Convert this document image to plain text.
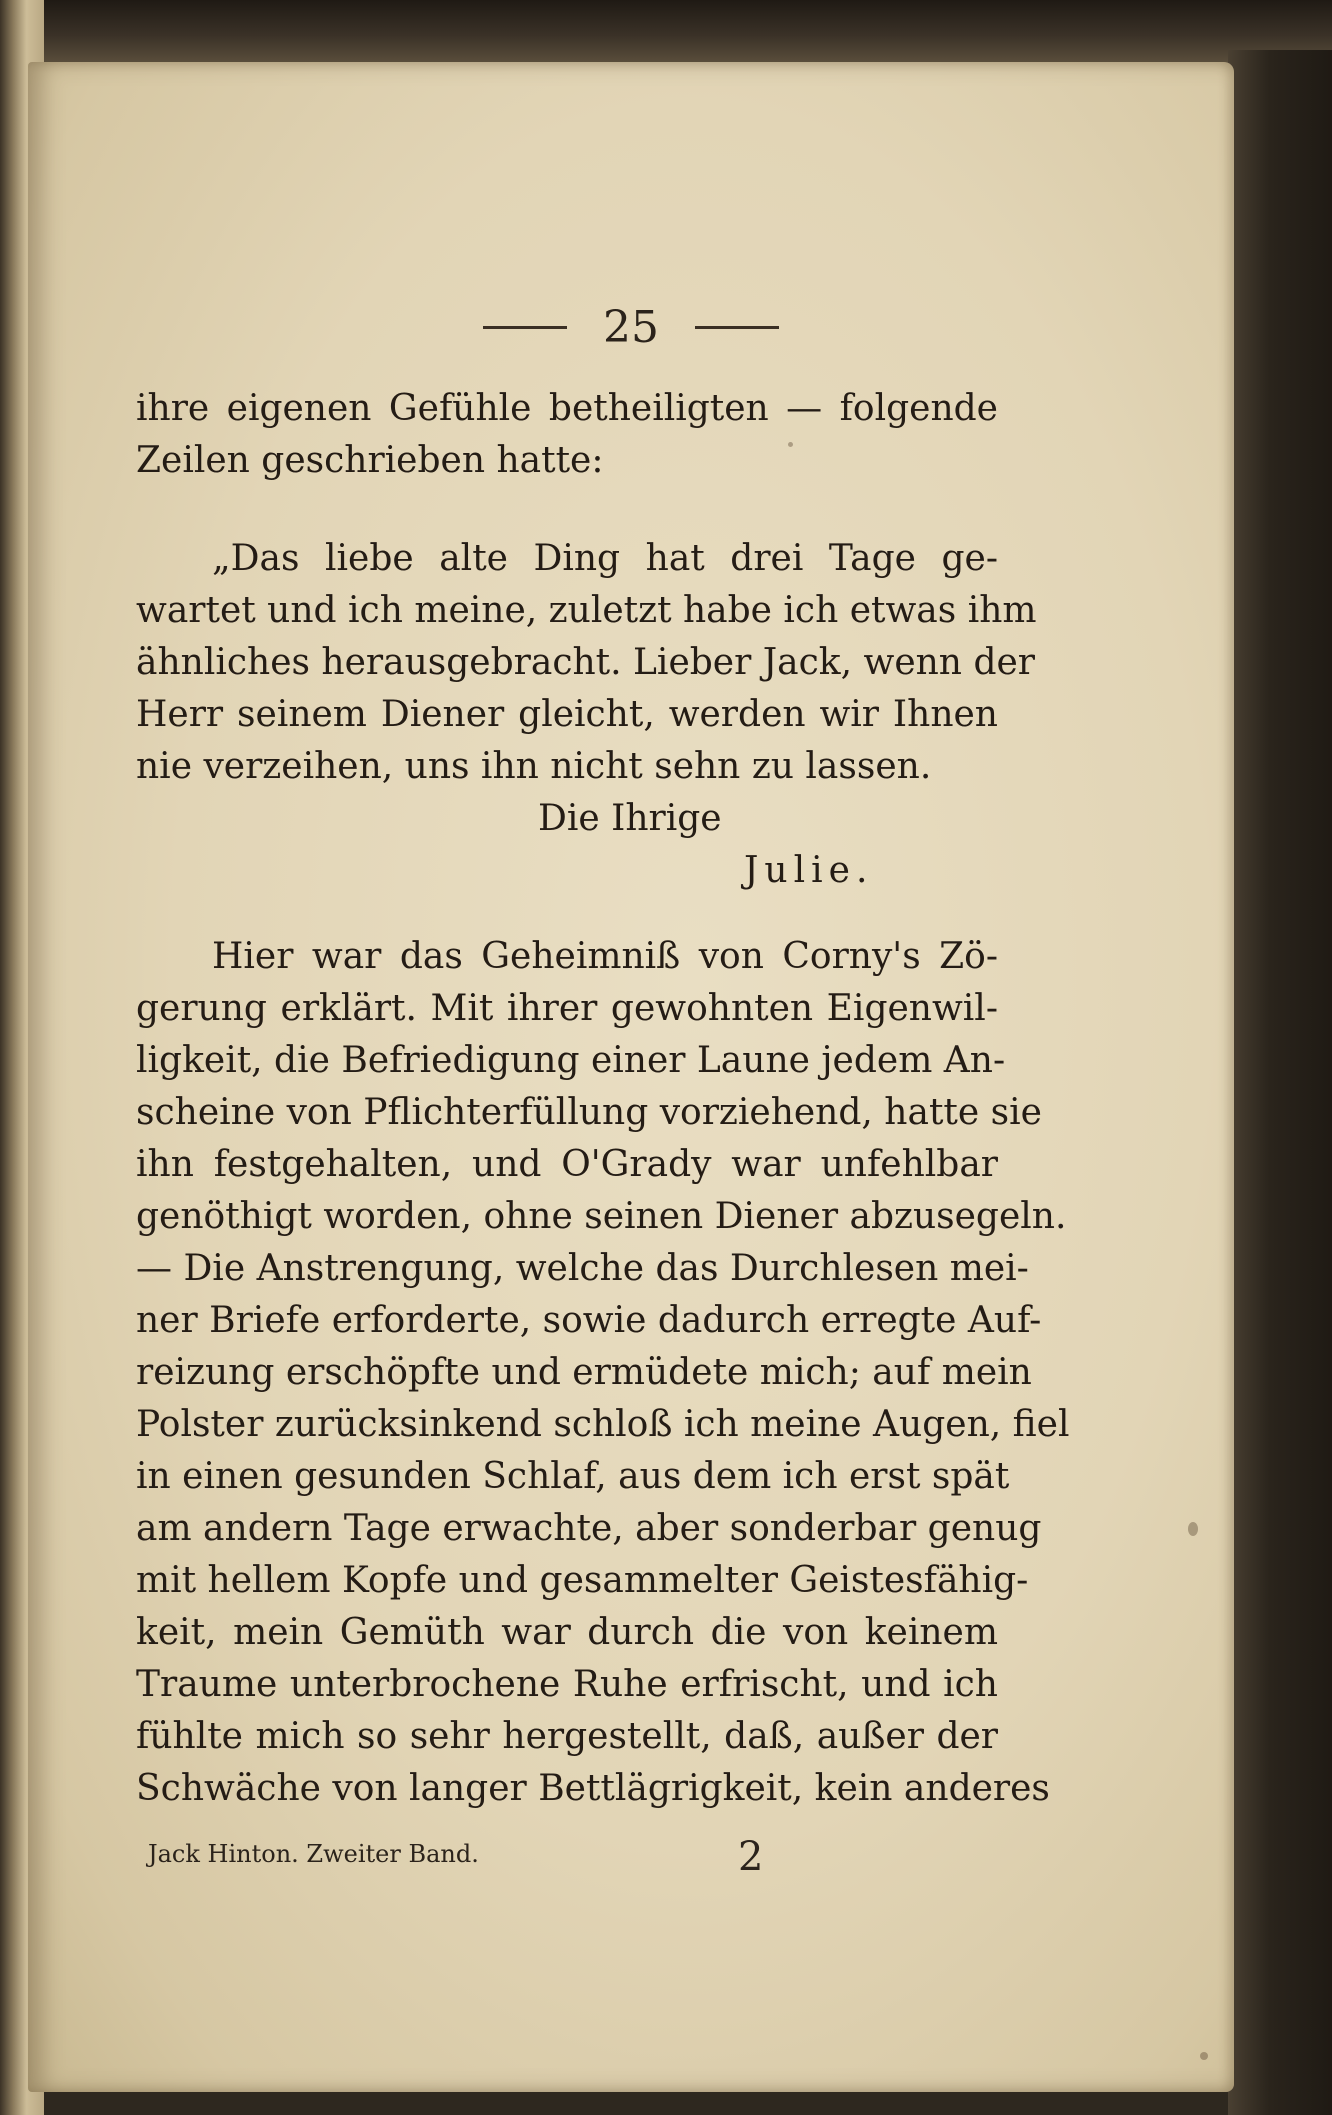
25
ihre eigenen Gefühle betheiligten — folgende
Zeilen geschrieben hatte:
„Das liebe alte Ding hat drei Tage ge-
wartet und ich meine, zuletzt habe ich etwas ihm
ähnliches herausgebracht. Lieber Jack, wenn der
Herr seinem Diener gleicht, werden wir Ihnen
nie verzeihen, uns ihn nicht sehn zu lassen.
Die Ihrige
Julie.
Hier war das Geheimniß von Corny's Zö-
gerung erklärt. Mit ihrer gewohnten Eigenwil-
ligkeit, die Befriedigung einer Laune jedem An-
scheine von Pflichterfüllung vorziehend, hatte sie
ihn festgehalten, und O'Grady war unfehlbar
genöthigt worden, ohne seinen Diener abzusegeln.
— Die Anstrengung, welche das Durchlesen mei-
ner Briefe erforderte, sowie dadurch erregte Auf-
reizung erschöpfte und ermüdete mich; auf mein
Polster zurücksinkend schloß ich meine Augen, fiel
in einen gesunden Schlaf, aus dem ich erst spät
am andern Tage erwachte, aber sonderbar genug
mit hellem Kopfe und gesammelter Geistesfähig-
keit, mein Gemüth war durch die von keinem
Traume unterbrochene Ruhe erfrischt, und ich
fühlte mich so sehr hergestellt, daß, außer der
Schwäche von langer Bettlägrigkeit, kein anderes
Jack Hinton. Zweiter Band.	2
